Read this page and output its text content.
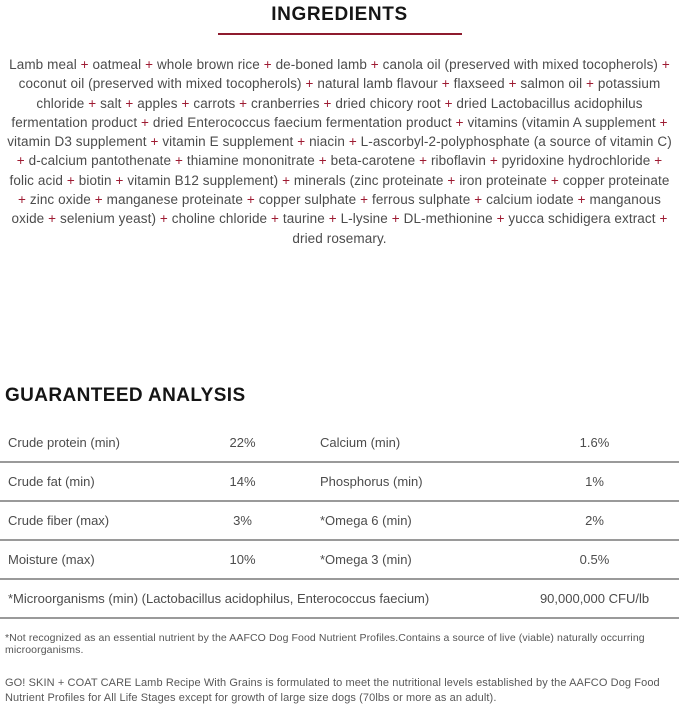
INGREDIENTS

Lamb meal + oatmeal + whole brown rice + de-boned lamb + canola oil (preserved with mixed tocopherols) + coconut oil (preserved with mixed tocopherols) + natural lamb flavour + flaxseed + salmon oil + potassium chloride + salt + apples + carrots + cranberries + dried chicory root + dried Lactobacillus acidophilus fermentation product + dried Enterococcus faecium fermentation product + vitamins (vitamin A supplement + vitamin D3 supplement + vitamin E supplement + niacin + L-ascorbyl-2-polyphosphate (a source of vitamin C) + d-calcium pantothenate + thiamine mononitrate + beta-carotene + riboflavin + pyridoxine hydrochloride + folic acid + biotin + vitamin B12 supplement) + minerals (zinc proteinate + iron proteinate + copper proteinate + zinc oxide + manganese proteinate + copper sulphate + ferrous sulphate + calcium iodate + manganous oxide + selenium yeast) + choline chloride + taurine + L-lysine + DL-methionine + yucca schidigera extract + dried rosemary.

GUARANTEED ANALYSIS
Crude protein (min)	22%	Calcium (min)	1.6%
Crude fat (min)	14%	Phosphorus (min)	1%
Crude fiber (max)	3%	*Omega 6 (min)	2%
Moisture (max)	10%	*Omega 3 (min)	0.5%
*Microorganisms (min) (Lactobacillus acidophilus, Enterococcus faecium)	90,000,000 CFU/lb

*Not recognized as an essential nutrient by the AAFCO Dog Food Nutrient Profiles.Contains a source of live (viable) naturally occurring microorganisms.

GO! SKIN + COAT CARE Lamb Recipe With Grains is formulated to meet the nutritional levels established by the AAFCO Dog Food Nutrient Profiles for All Life Stages except for growth of large size dogs (70lbs or more as an adult).
